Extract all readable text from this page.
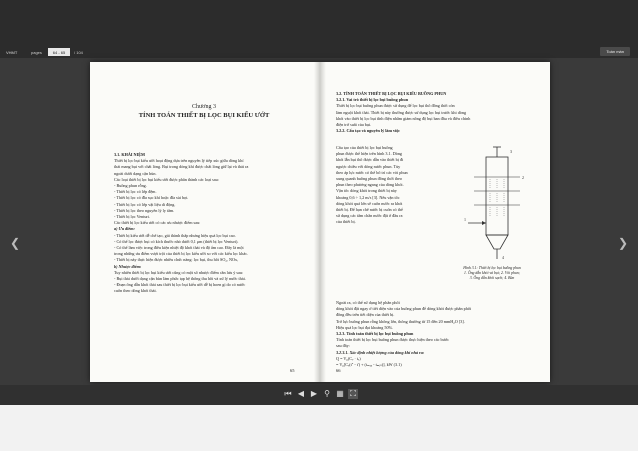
VHMT	pages
64 - 65	/ 104	Toàn màn
❮	❯
Chương 3
TÍNH TOÁN THIẾT BỊ LỌC BỤI KIỂU ƯỚT
3.1. KHÁI NIỆM
Thiết bị lọc bụi kiểu ướt hoạt động dựa trên nguyên lý tiếp xúc giữa dòng khí
thải mang bụi với chất lỏng. Bụi trong dòng khí được chất lỏng giữ lại và thải ra
ngoài dưới dạng cặn bùn.
Các loại thiết bị lọc bụi kiểu ướt được phân thành các loại sau:
- Buồng phun rỗng.
- Thiết bị lọc có lớp đệm.
- Thiết bị lọc có đĩa sục khí hoặc đĩa sủi bọt.
- Thiết bị lọc có lớp vật liệu di động.
- Thiết bị lọc theo nguyên lý ly tâm.
- Thiết bị lọc Venturi.
Các thiết bị lọc kiểu ướt có các ưu nhược điểm sau:
a) Ưu điểm:
- Thiết bị kiểu ướt dễ chế tạo, giá thành thấp nhưng hiệu quả lọc bụi cao.
- Có thể lọc được bụi có kích thước nhỏ dưới 0,1 μm (thiết bị lọc Venturi).
- Có thể làm việc trong điều kiện nhiệt độ khói thải và độ ẩm cao. Đây là một
trong những ưu điểm vượt trội của thiết bị lọc kiểu ướt so với các kiểu lọc khác.
- Thiết bị này thực hiện được nhiều chức năng: lọc bụi, thu hồi SO₂, NOx,
b) Nhược điểm:
Tuy nhiên thiết bị lọc bụi kiểu ướt cũng có một số nhược điểm cần lưu ý sau:
- Bụi thải dưới dạng cặn bùn làm phức tạp hệ thống thu hồi và xử lý nước thải.
- Đoạn ống dẫn khói thải sau thiết bị lọc bụi kiểu ướt dễ bị hoen gỉ do có nước
cuốn theo dòng khói thải.
65
3.2. TÍNH TOÁN THIẾT BỊ LỌC BỤI KIỂU BUỒNG PHUN
3.2.1. Vai trò thiết bị lọc bụi buồng phun
Thiết bị lọc bụi buồng phun được sử dụng để lọc bụi thô đồng thời còn
làm nguội khói thải. Thiết bị này thường được sử dụng lọc bụi trước khi dòng
khói vào thiết bị lọc bụi tĩnh điện nhằm giảm nồng độ bụi ban đầu và điều chỉnh
điện trở suất của bụi.
3.2.2. Cấu tạo và nguyên lý làm việc
Cấu tạo của thiết bị lọc bụi buồng
phun được thể hiện trên hình 3.1. Dòng
khói lẫn bụi thô được dẫn vào thiết bị đi
ngược chiều với dòng nước phun. Tùy
theo áp lực nước có thể bố trí các vòi phun
xung quanh buồng phun đồng thời theo
phun theo phương ngang của dòng khói.
Vận tốc dòng khói trong thiết bị này
khoảng 0,6 ÷ 1,2 m/s [3]. Nếu vận tốc
dòng khói quá lớn sẽ cuốn nước ra khỏi
thiết bị. Để hạn chế nước bị cuốn có thể
sử dụng các tấm chắn nước đặt ở đầu ra
của thiết bị.
3
2
1
4
Hình 3.1: Thiết bị lọc bụi buồng phun
1. Ống dẫn khói và bụi; 2. Vòi phun;
3. Ống dẫn khói sạch; 4. Bùn
Ngoài ra, có thể sử dụng hệ phân phối
dòng khói đặt ngay ở tiết diện vào của buồng phun để dòng khói được phân phối
đồng đều trên tiết diện của thiết bị.
Trở lực buồng phun rỗng không lớn, thông thường từ 15 đến 20 mmH₂O [3].
Hiệu quả lọc bụi đạt khoảng 50%.
3.2.3. Tính toán thiết bị lọc bụi buồng phun
Tính toán thiết bị lọc bụi buồng phun được thực hiện theo các bước
sau đây:
3.2.3.1. Xác định nhiệt lượng của dòng khí nhả ra:
Q = V₀(Cᵥ · tᵥ)
= V₀[Cᵥ(t'' - t') + (tₘₐₓ - tₘᵢₙ)], kW (3.1)
66
⏮ ◀ ▶ ⚲ ▦ ⛶
